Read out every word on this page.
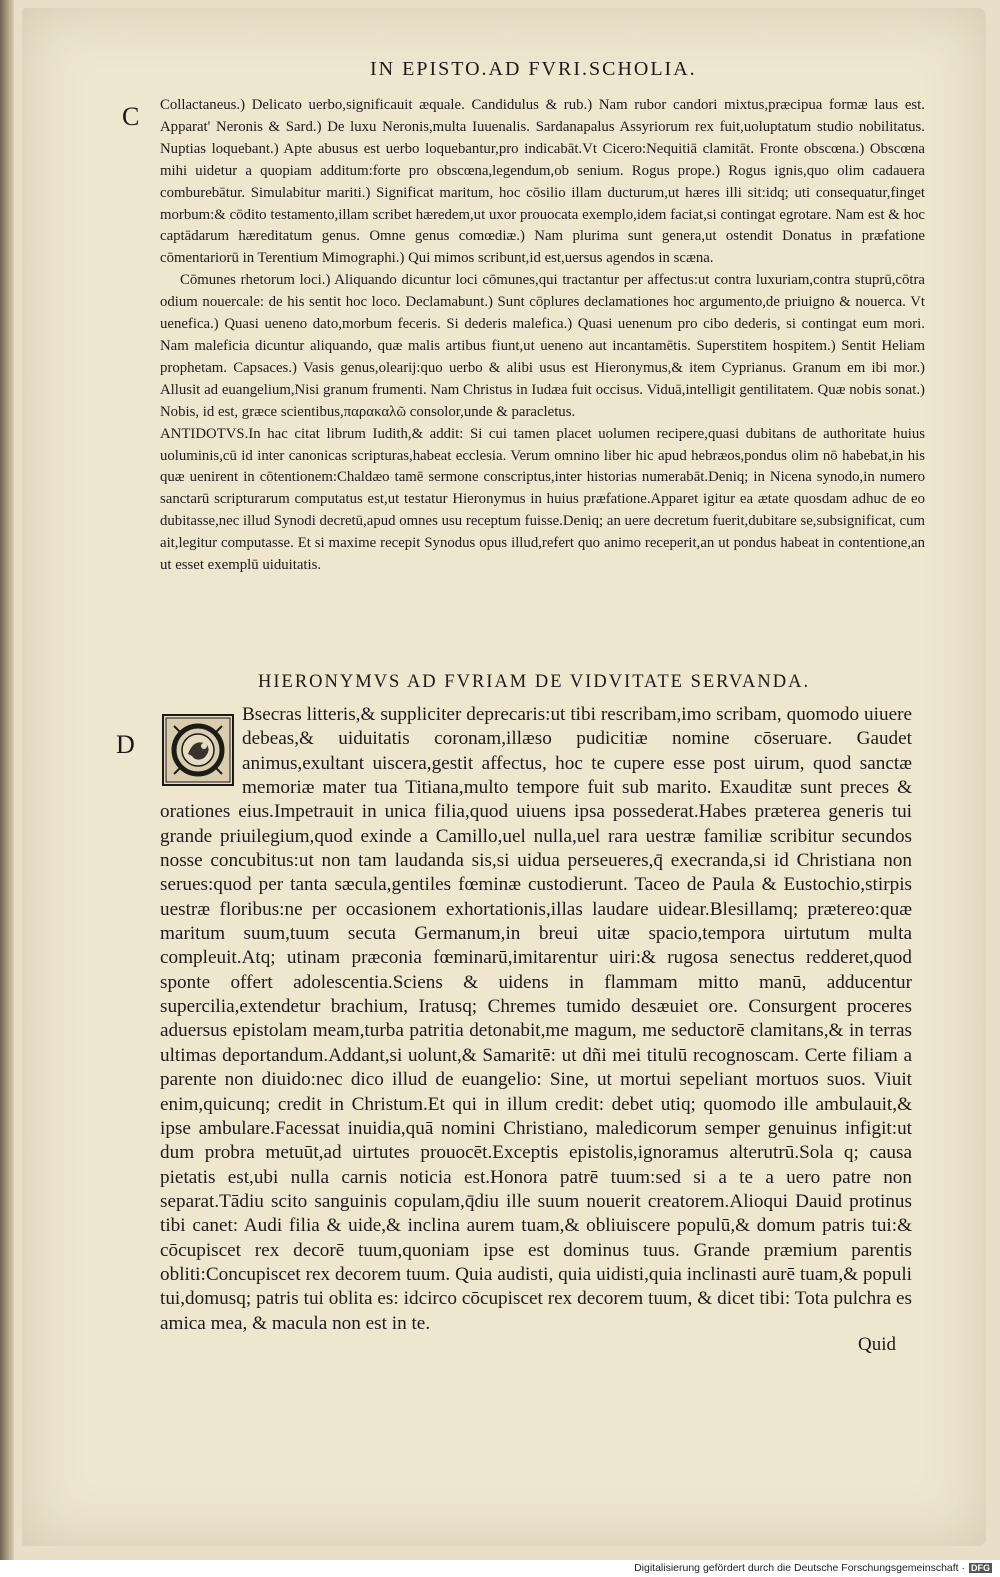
IN EPISTO.AD FVRI.SCHOLIA.
C
D

Collactaneus.) Delicato uerbo,significauit æquale. Candidulus & rub.) Nam rubor candori mixtus,præcipua formæ laus est. Apparat' Neronis & Sard.) De luxu Neronis,multa Iuuenalis. Sardanapalus Assyriorum rex fuit,uoluptatum studio nobilitatus. Nuptias loquebant.) Apte abusus est uerbo loquebantur,pro indicabāt.Vt Cicero:Nequitiā clamitāt. Fronte obscœna.) Obscœna mihi uidetur a quopiam additum:forte pro obscœna,legendum,ob senium. Rogus prope.) Rogus ignis,quo olim cadauera comburebātur. Simulabitur mariti.) Significat maritum, hoc cōsilio illam ducturum,ut hæres illi sit:idq; uti consequatur,finget morbum:& cōdito testamento,illam scribet hæredem,ut uxor prouocata exemplo,idem faciat,si contingat egrotare. Nam est & hoc captādarum hæreditatum genus. Omne genus comœdiæ.) Nam plurima sunt genera,ut ostendit Donatus in præfatione cōmentariorū in Terentium Mimographi.) Qui mimos scribunt,id est,uersus agendos in scæna.

Cōmunes rhetorum loci.) Aliquando dicuntur loci cōmunes,qui tractantur per affectus:ut contra luxuriam,contra stuprū,cōtra odium nouercale: de his sentit hoc loco. Declamabunt.) Sunt cōplures declamationes hoc argumento,de priuigno & nouerca. Vt uenefica.) Quasi ueneno dato,morbum feceris. Si dederis malefica.) Quasi uenenum pro cibo dederis, si contingat eum mori. Nam maleficia dicuntur aliquando, quæ malis artibus fiunt,ut ueneno aut incantamētis. Superstitem hospitem.) Sentit Heliam prophetam. Capsaces.) Vasis genus,olearij:quo uerbo & alibi usus est Hieronymus,& item Cyprianus. Granum em ibi mor.) Allusit ad euangelium,Nisi granum frumenti. Nam Christus in Iudæa fuit occisus. Viduā,intelligit gentilitatem. Quæ nobis sonat.) Nobis, id est, græce scientibus,παρακαλῶ consolor,unde & paracletus.

ANTIDOTVS.In hac citat librum Iudith,& addit: Si cui tamen placet uolumen recipere,quasi dubitans de authoritate huius uoluminis,cū id inter canonicas scripturas,habeat ecclesia. Verum omnino liber hic apud hebræos,pondus olim nō habebat,in his quæ uenirent in cōtentionem:Chaldæo tamē sermone conscriptus,inter historias numerabāt.Deniq; in Nicena synodo,in numero sanctarū scripturarum computatus est,ut testatur Hieronymus in huius præfatione.Apparet igitur ea ætate quosdam adhuc de eo dubitasse,nec illud Synodi decretū,apud omnes usu receptum fuisse.Deniq; an uere decretum fuerit,dubitare se,subsignificat, cum ait,legitur computasse. Et si maxime recepit Synodus opus illud,refert quo animo receperit,an ut pondus habeat in contentione,an ut esset exemplū uiduitatis.

HIERONYMVS AD FVRIAM DE VIDVITATE SERVANDA.
Bsecras litteris,& suppliciter deprecaris:ut tibi rescribam,imo scribam, quomodo uiuere debeas,& uiduitatis coronam,illæso pudicitiæ nomine cōseruare. Gaudet animus,exultant uiscera,gestit affectus, hoc te cupere esse post uirum, quod sanctæ memoriæ mater tua Titiana,multo tempore fuit sub marito. Exauditæ sunt preces & orationes eius.Impetrauit in unica filia,quod uiuens ipsa possederat.Habes præterea generis tui grande priuilegium,quod exinde a Camillo,uel nulla,uel rara uestræ familiæ scribitur secundos nosse concubitus:ut non tam laudanda sis,si uidua perseueres,q̄ execranda,si id Christiana non serues:quod per tanta sæcula,gentiles fœminæ custodierunt. Taceo de Paula & Eustochio,stirpis uestræ floribus:ne per occasionem exhortationis,illas laudare uidear.Blesillamq; prætereo:quæ maritum suum,tuum secuta Germanum,in breui uitæ spacio,tempora uirtutum multa compleuit.Atq; utinam præconia fœminarū,imitarentur uiri:& rugosa senectus redderet,quod sponte offert adolescentia.Sciens & uidens in flammam mitto manū, adducentur supercilia,extendetur brachium, Iratusq; Chremes tumido desæuiet ore. Consurgent proceres aduersus epistolam meam,turba patritia detonabit,me magum, me seductorē clamitans,& in terras ultimas deportandum.Addant,si uolunt,& Samaritē: ut dñi mei titulū recognoscam. Certe filiam a parente non diuido:nec dico illud de euangelio: Sine, ut mortui sepeliant mortuos suos. Viuit enim,quicunq; credit in Christum.Et qui in illum credit: debet utiq; quomodo ille ambulauit,& ipse ambulare.Facessat inuidia,quā nomini Christiano, maledicorum semper genuinus infigit:ut dum probra metuūt,ad uirtutes prouocēt.Exceptis epistolis,ignoramus alterutrū.Sola q; causa pietatis est,ubi nulla carnis noticia est.Honora patrē tuum:sed si a te a uero patre non separat.Tādiu scito sanguinis copulam,q̄diu ille suum nouerit creatorem.Alioqui Dauid protinus tibi canet: Audi filia & uide,& inclina aurem tuam,& obliuiscere populū,& domum patris tui:& cōcupiscet rex decorē tuum,quoniam ipse est dominus tuus. Grande præmium parentis obliti:Concupiscet rex decorem tuum. Quia audisti, quia uidisti,quia inclinasti aurē tuam,& populi tui,domusq; patris tui oblita es: idcirco cōcupiscet rex decorem tuum, & dicet tibi: Tota pulchra es amica mea, & macula non est in te.
Quid
Digitalisierung gefördert durch die Deutsche Forschungsgemeinschaft · DFG
